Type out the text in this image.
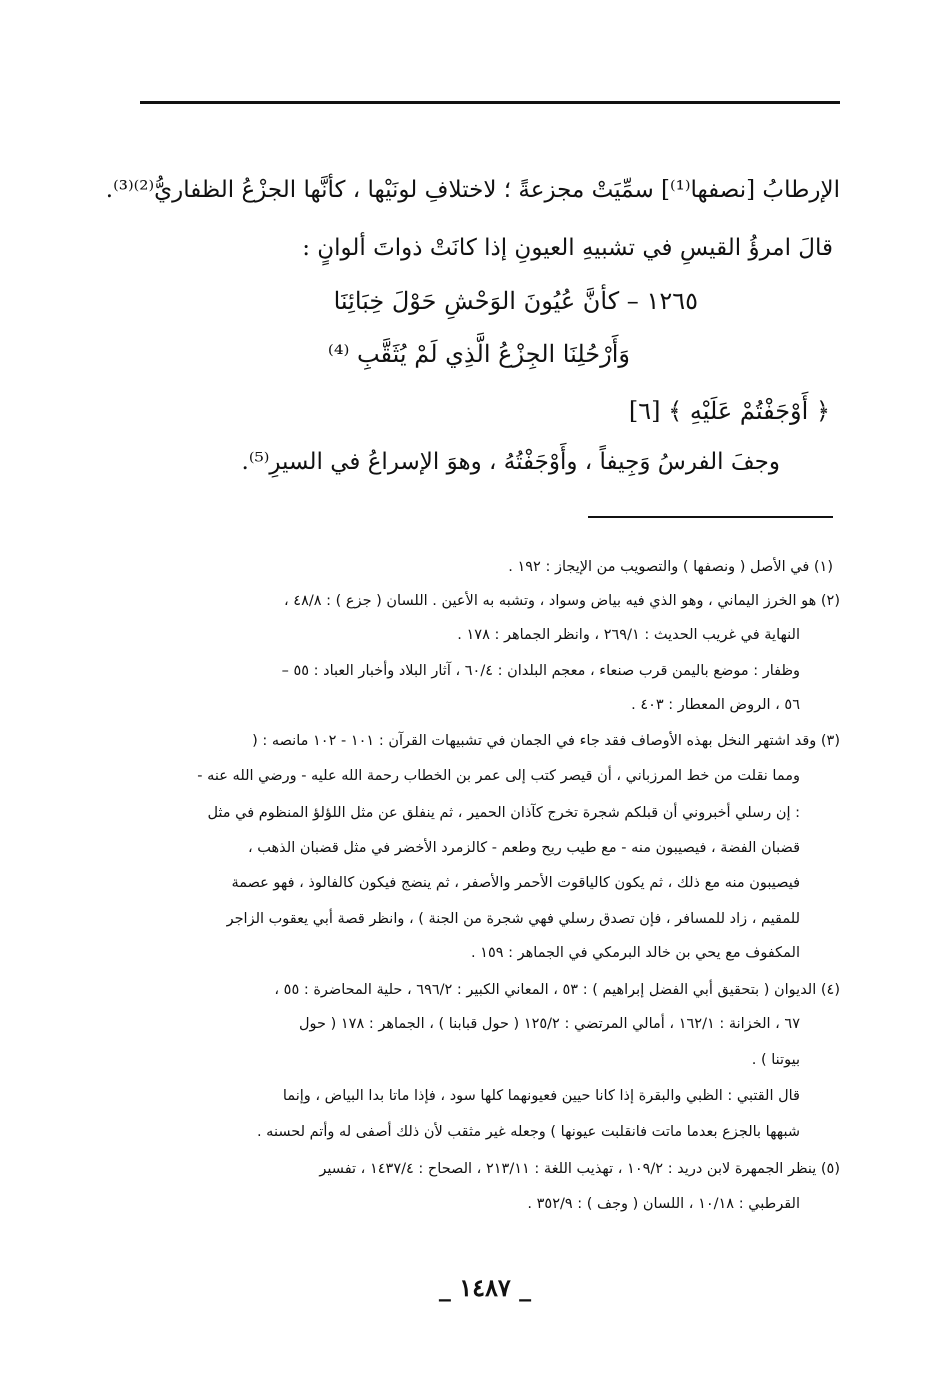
الإرطابُ [نصفها⁽¹⁾] سمِّيَتْ مجزعةً ؛ لاختلافِ لونَيْها ، كأنَّها الجزْعُ الظفاريُّ⁽²⁾⁽³⁾.
قالَ امرؤُ القيسِ في تشبيهِ العيونِ إذا كانَتْ ذواتَ ألوانٍ :
١٢٦٥ – كأنَّ عُيُونَ الوَحْشِ حَوْلَ خِبَائِنَا
وَأَرْحُلِنَا الجِزْعُ الَّذِي لَمْ يُثَقَّبِ ⁽⁴⁾
﴿ أَوْجَفْتُمْ عَلَيْهِ ﴾ [٦]
وجفَ الفرسُ وَجِيفاً ، وأَوْجَفْتُهُ ، وهوَ الإسراعُ في السيرِ⁽⁵⁾.
(١) في الأصل ( ونصفها ) والتصويب من الإيجاز : ١٩٢ .
(٢) هو الخرز اليماني ، وهو الذي فيه بياض وسواد ، وتشبه به الأعين . اللسان ( جزع ) : ٤٨/٨ ،
النهاية في غريب الحديث : ٢٦٩/١ ، وانظر الجماهر : ١٧٨ .
وظفار : موضع باليمن قرب صنعاء ، معجم البلدان : ٦٠/٤ ، آثار البلاد وأخبار العباد : ٥٥ –
٥٦ ، الروض المعطار : ٤٠٣ .
(٣) وقد اشتهر النخل بهذه الأوصاف فقد جاء في الجمان في تشبيهات القرآن : ١٠١ - ١٠٢ مانصه : (
ومما نقلت من خط المرزباني ، أن قيصر كتب إلى عمر بن الخطاب رحمة الله عليه - ورضي الله عنه -
: إن رسلي أخبروني أن قبلكم شجرة تخرج كآذان الحمير ، ثم ينفلق عن مثل اللؤلؤ المنظوم في مثل
قضبان الفضة ، فيصيبون منه - مع طيب ريح وطعم - كالزمرد الأخضر في مثل قضبان الذهب ،
فيصيبون منه مع ذلك ، ثم يكون كالياقوت الأحمر والأصفر ، ثم ينضج فيكون كالفالوذ ، فهو عصمة
للمقيم ، زاد للمسافر ، فإن تصدق رسلي فهي شجرة من الجنة ) ، وانظر قصة أبي يعقوب الزاجر
المكفوف مع يحي بن خالد البرمكي في الجماهر : ١٥٩ .
(٤) الديوان ( بتحقيق أبي الفضل إبراهيم ) : ٥٣ ، المعاني الكبير : ٦٩٦/٢ ، حلية المحاضرة : ٥٥ ،
٦٧ ، الخزانة : ١٦٢/١ ، أمالي المرتضي : ١٢٥/٢ ( حول قبابنا ) ، الجماهر : ١٧٨ ( حول
بيوتنا ) .
قال القتبي : الظبي والبقرة إذا كانا حيين فعيونهما كلها سود ، فإذا ماتا بدا البياض ، وإنما
شبهها بالجزع بعدما ماتت فانقلبت عيونها ) وجعله غير مثقب لأن ذلك أصفى له وأتم لحسنه .
(٥) ينظر الجمهرة لابن دريد : ١٠٩/٢ ، تهذيب اللغة : ٢١٣/١١ ، الصحاح : ١٤٣٧/٤ ، تفسير
القرطبي : ١٠/١٨ ، اللسان ( وجف ) : ٣٥٢/٩ .
_ ١٤٨٧ _
